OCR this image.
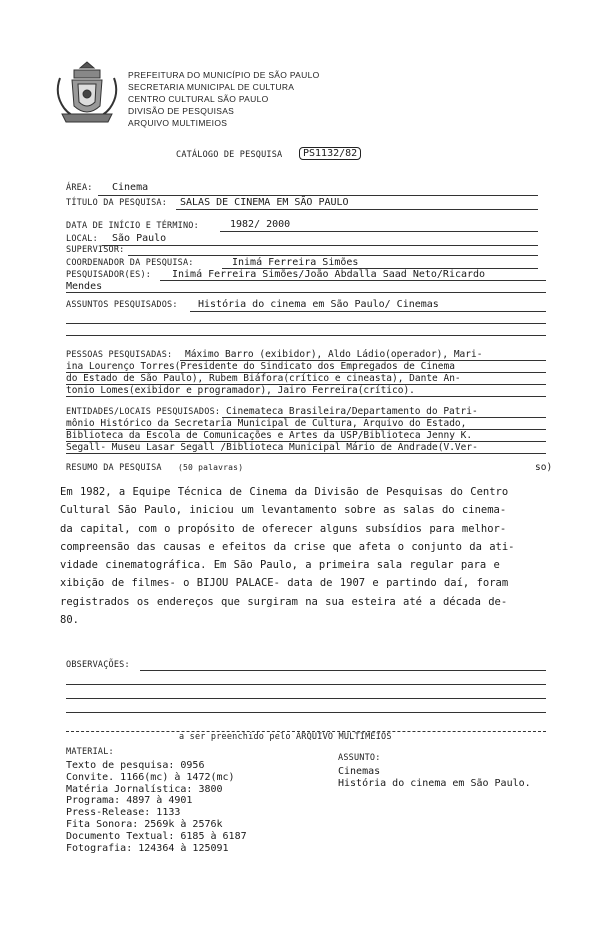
PREFEITURA DO MUNICÍPIO DE SÃO PAULO
SECRETARIA MUNICIPAL DE CULTURA
CENTRO CULTURAL SÃO PAULO
DIVISÃO DE PESQUISAS
ARQUIVO MULTIMEIOS
CATÁLOGO DE PESQUISA	PS1132/82
ÁREA: Cinema
TÍTULO DA PESQUISA: SALAS DE CINEMA EM SÃO PAULO
DATA DE INÍCIO E TÉRMINO:	1982/ 2000
LOCAL: São Paulo
SUPERVISOR:
COORDENADOR DA PESQUISA:	Inimá Ferreira Simões
PESQUISADOR(ES): Inimá Ferreira Simões/João Abdalla Saad Neto/Ricardo
Mendes
ASSUNTOS PESQUISADOS: História do cinema em São Paulo/ Cinemas
PESSOAS PESQUISADAS: Máximo Barro (exibidor), Aldo Ládio(operador), Mari-
ina Lourenço Torres(Presidente do Sindicato dos Empregados de Cinema
do Estado de São Paulo), Rubem Biáfora(crítico e cineasta), Dante An-
tonio Lomes(exibidor e programador), Jairo Ferreira(crítico).
ENTIDADES/LOCAIS PESQUISADOS: Cinemateca Brasileira/Departamento do Patri-
mônio Histórico da Secretaria Municipal de Cultura, Arquivo do Estado,
Biblioteca da Escola de Comunicações e Artes da USP/Biblioteca Jenny K.
Segall- Museu Lasar Segall /Biblioteca Municipal Mário de Andrade(V.Ver-
RESUMO DA PESQUISA (50 palavras)	so)
Em 1982, a Equipe Técnica de Cinema da Divisão de Pesquisas do Centro
Cultural São Paulo, iniciou um levantamento sobre as salas do cinema-
da capital, com o propósito de oferecer alguns subsídios para melhor-
compreensão das causas e efeitos da crise que afeta o conjunto da ati-
vidade cinematográfica. Em São Paulo, a primeira sala regular para e
xibição de filmes- o BIJOU PALACE- data de 1907 e partindo daí, foram
registrados os endereços que surgiram na sua esteira até a década de-
80.
OBSERVAÇÕES:
a ser preenchido pelo ARQUIVO MULTIMEIOS
MATERIAL:
Texto de pesquisa: 0956
Convite. 1166(mc) à 1472(mc)
Matéria Jornalística: 3800
Programa: 4897 à 4901
Press-Release: 1133
Fita Sonora: 2569k à 2576k
Documento Textual: 6185 à 6187
Fotografia: 124364 à 125091
ASSUNTO:
Cinemas
História do cinema em São Paulo.
